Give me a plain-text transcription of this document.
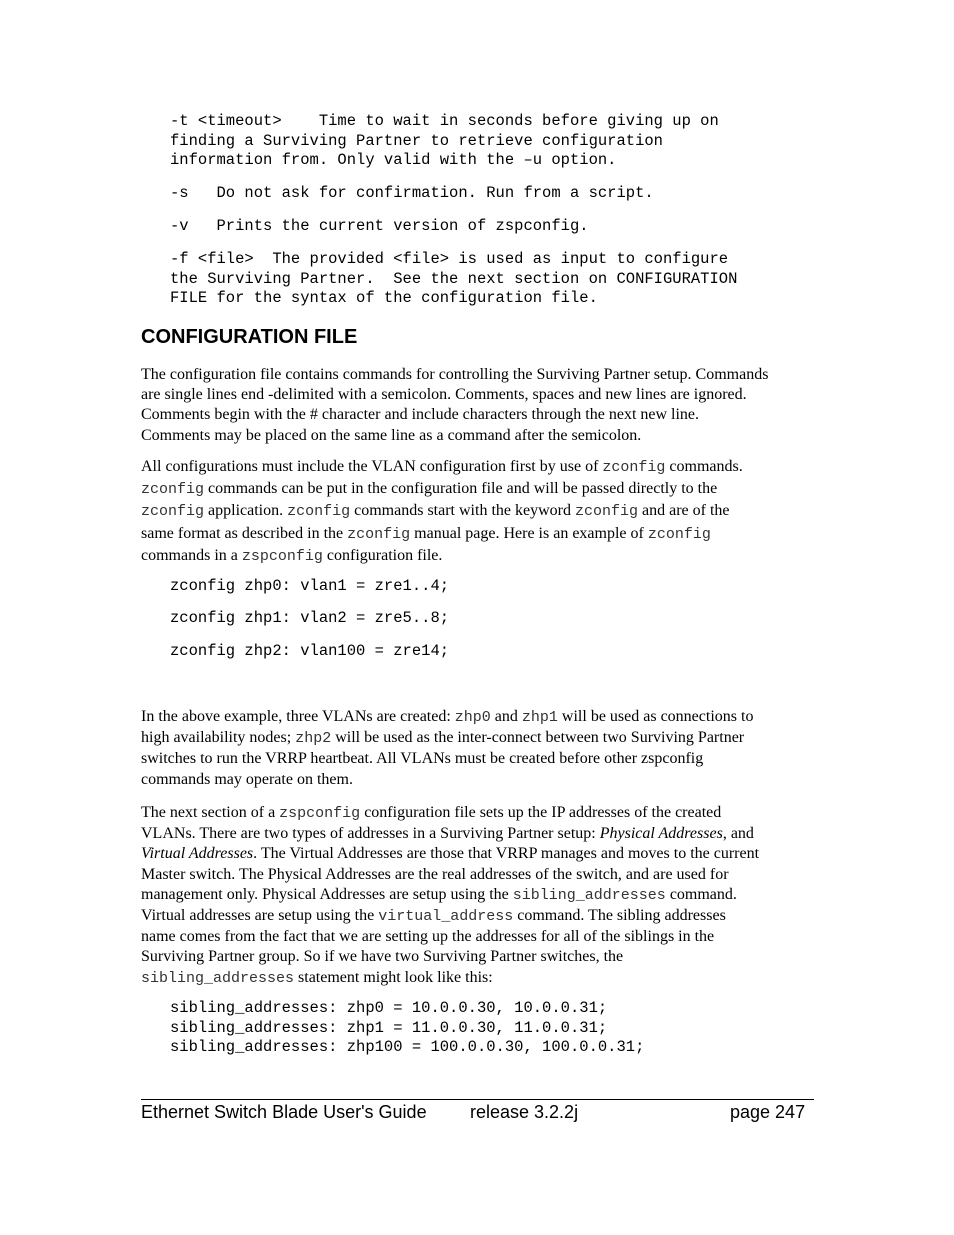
-t <timeout>    Time to wait in seconds before giving up on
finding a Surviving Partner to retrieve configuration
information from. Only valid with the –u option.
-s   Do not ask for confirmation. Run from a script.
-v   Prints the current version of zspconfig.
-f <file>  The provided <file> is used as input to configure
the Surviving Partner.  See the next section on CONFIGURATION
FILE for the syntax of the configuration file.
CONFIGURATION FILE
The configuration file contains commands for controlling the Surviving Partner setup. Commands
are single lines end -delimited with a semicolon. Comments, spaces and new lines are ignored.
Comments begin with the # character and include characters through the next new line.
Comments may be placed on the same line as a command after the semicolon.
All configurations must include the VLAN configuration first by use of zconfig commands.
zconfig commands can be put in the configuration file and will be passed directly to the
zconfig application. zconfig commands start with the keyword zconfig and are of the
same format as described in the zconfig manual page. Here is an example of zconfig
commands in a zspconfig configuration file.
zconfig zhp0: vlan1 = zre1..4;
zconfig zhp1: vlan2 = zre5..8;
zconfig zhp2: vlan100 = zre14;
In the above example, three VLANs are created: zhp0 and zhp1 will be used as connections to
high availability nodes; zhp2 will be used as the inter-connect between two Surviving Partner
switches to run the VRRP heartbeat. All VLANs must be created before other zspconfig
commands may operate on them.
The next section of a zspconfig configuration file sets up the IP addresses of the created
VLANs. There are two types of addresses in a Surviving Partner setup: Physical Addresses, and
Virtual Addresses. The Virtual Addresses are those that VRRP manages and moves to the current
Master switch. The Physical Addresses are the real addresses of the switch, and are used for
management only. Physical Addresses are setup using the sibling_addresses command.
Virtual addresses are setup using the virtual_address command. The sibling addresses
name comes from the fact that we are setting up the addresses for all of the siblings in the
Surviving Partner group. So if we have two Surviving Partner switches, the
sibling_addresses statement might look like this:
sibling_addresses: zhp0 = 10.0.0.30, 10.0.0.31;
sibling_addresses: zhp1 = 11.0.0.30, 11.0.0.31;
sibling_addresses: zhp100 = 100.0.0.30, 100.0.0.31;
Ethernet Switch Blade User's Guide release 3.2.2j	page 247
